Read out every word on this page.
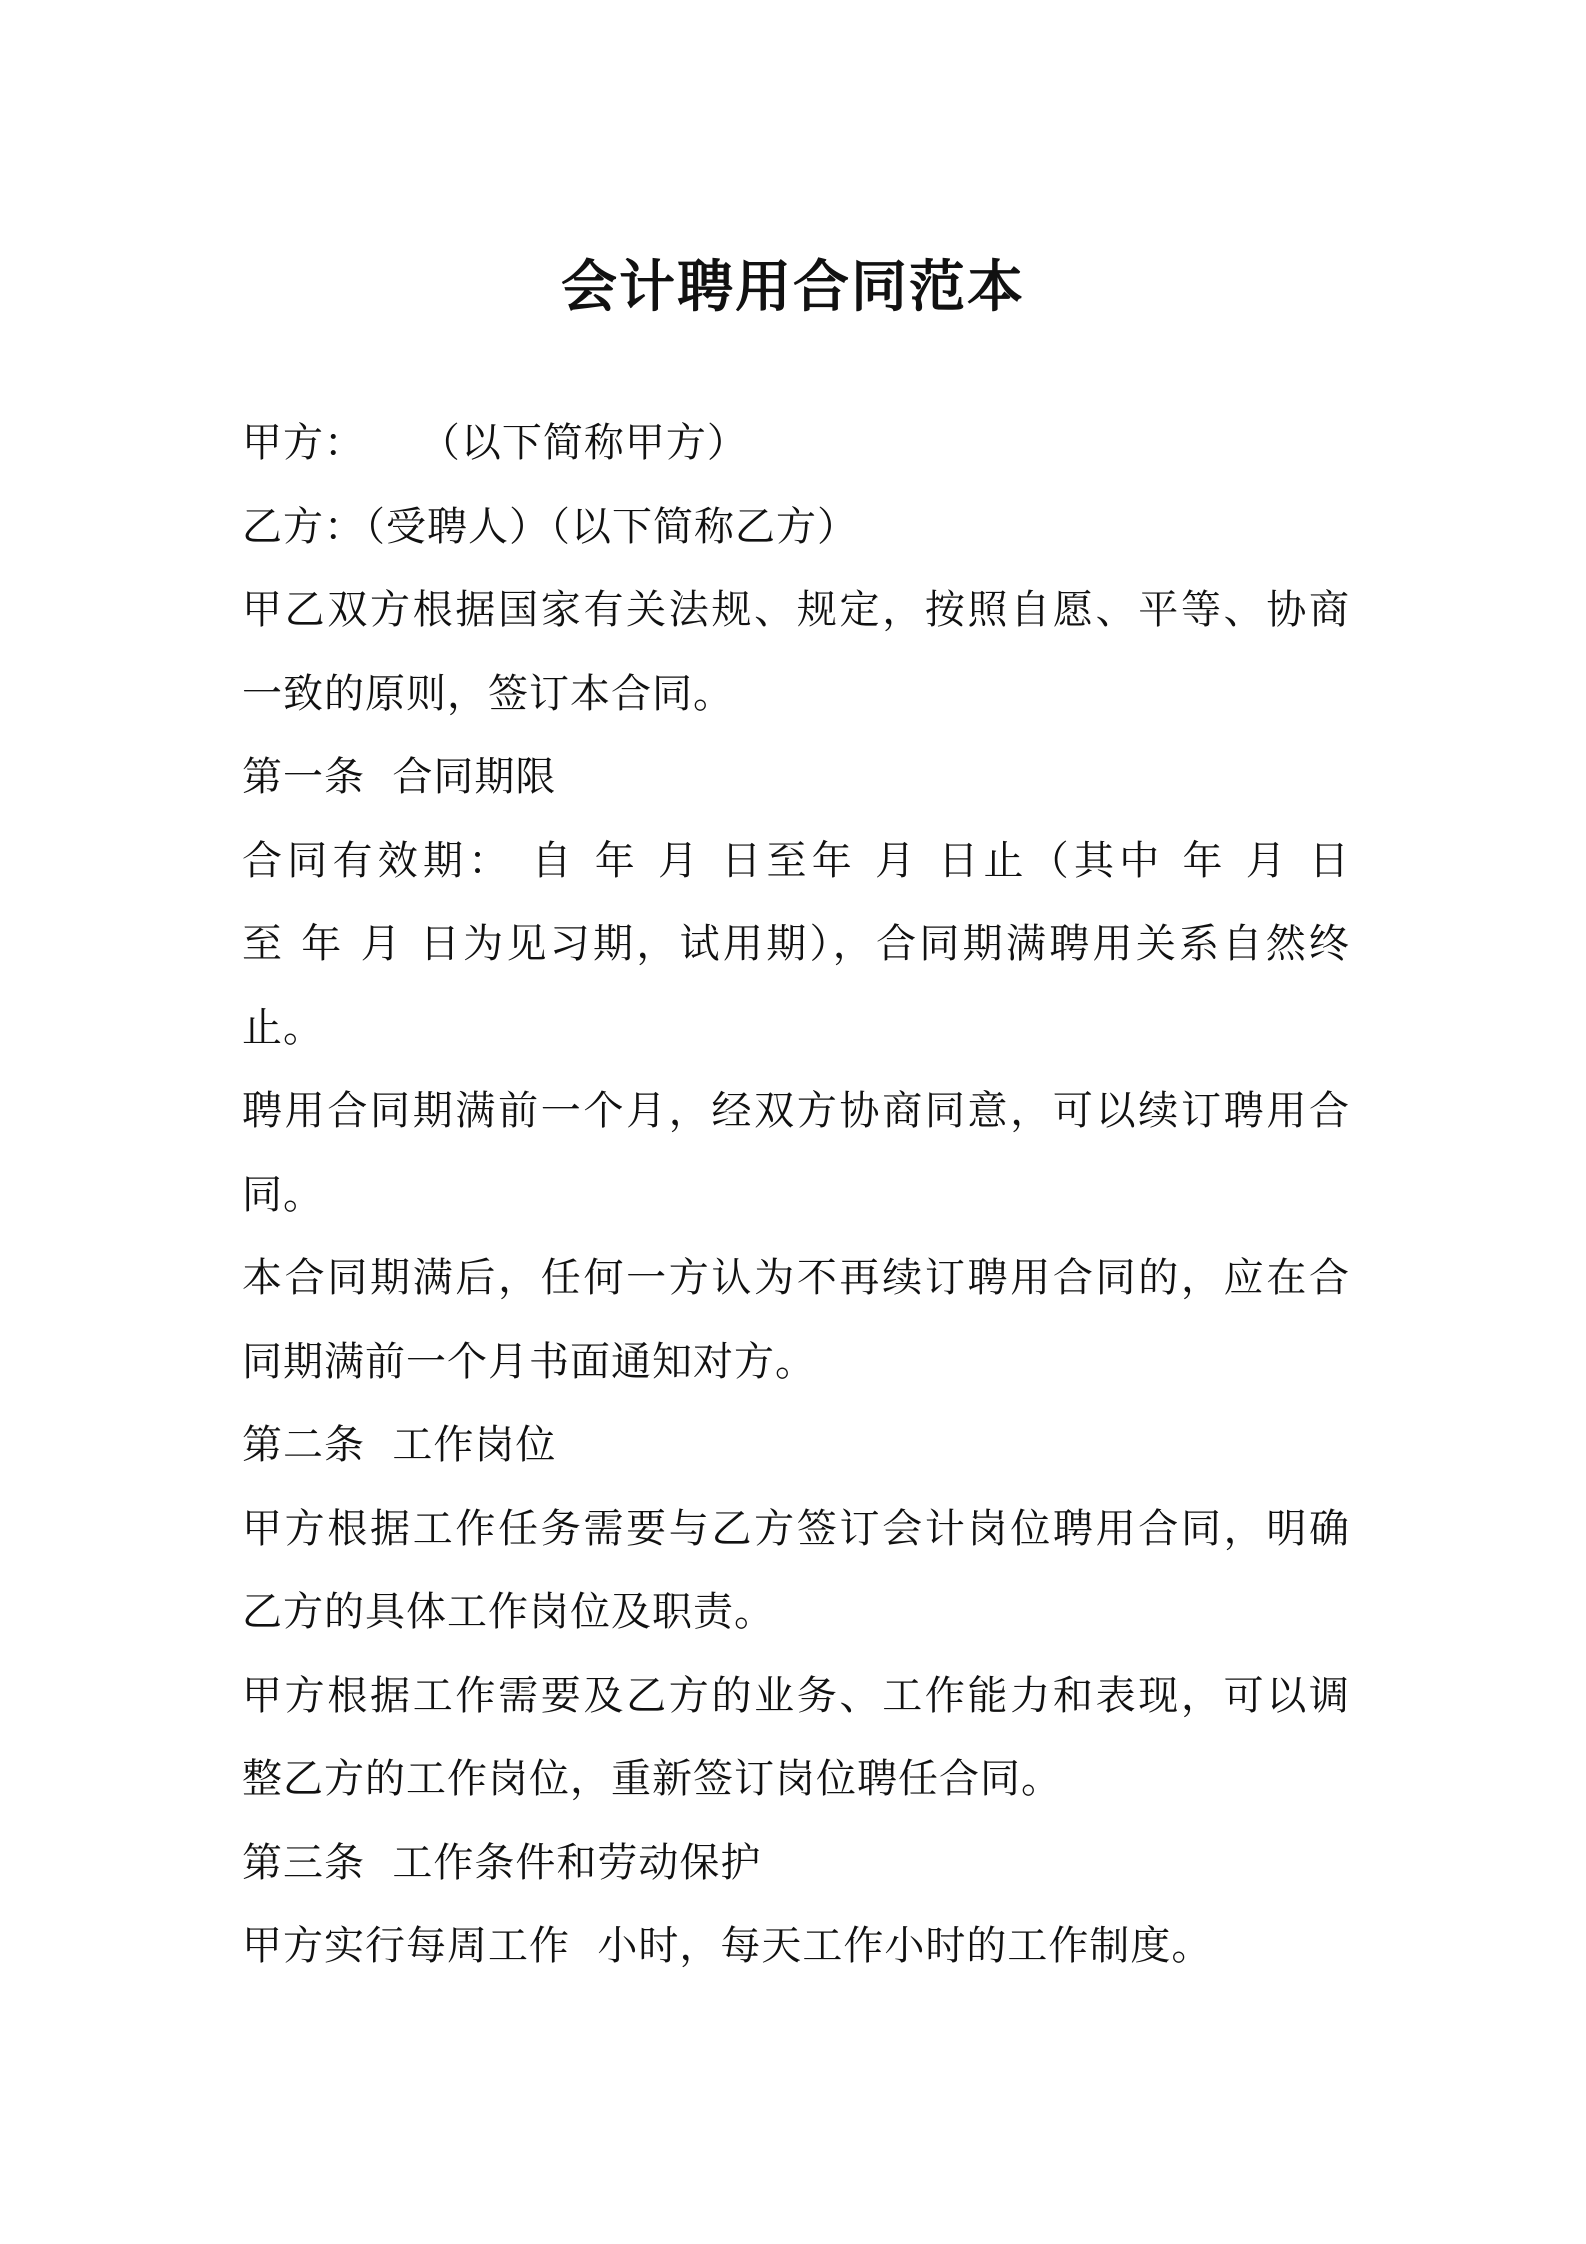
会计聘用合同范本
甲方：    （以下简称甲方）
乙方：（受聘人）（以下简称乙方）
甲乙双方根据国家有关法规、规定，按照自愿、平等、协商
一致的原则，签订本合同。
第一条  合同期限
合同有效期： 自 年 月 日至年 月 日止（其中 年 月 日
至 年 月 日为见习期，试用期），合同期满聘用关系自然终
止。
聘用合同期满前一个月，经双方协商同意，可以续订聘用合
同。
本合同期满后，任何一方认为不再续订聘用合同的，应在合
同期满前一个月书面通知对方。
第二条  工作岗位
甲方根据工作任务需要与乙方签订会计岗位聘用合同，明确
乙方的具体工作岗位及职责。
甲方根据工作需要及乙方的业务、工作能力和表现，可以调
整乙方的工作岗位，重新签订岗位聘任合同。
第三条  工作条件和劳动保护
甲方实行每周工作  小时，每天工作小时的工作制度。
